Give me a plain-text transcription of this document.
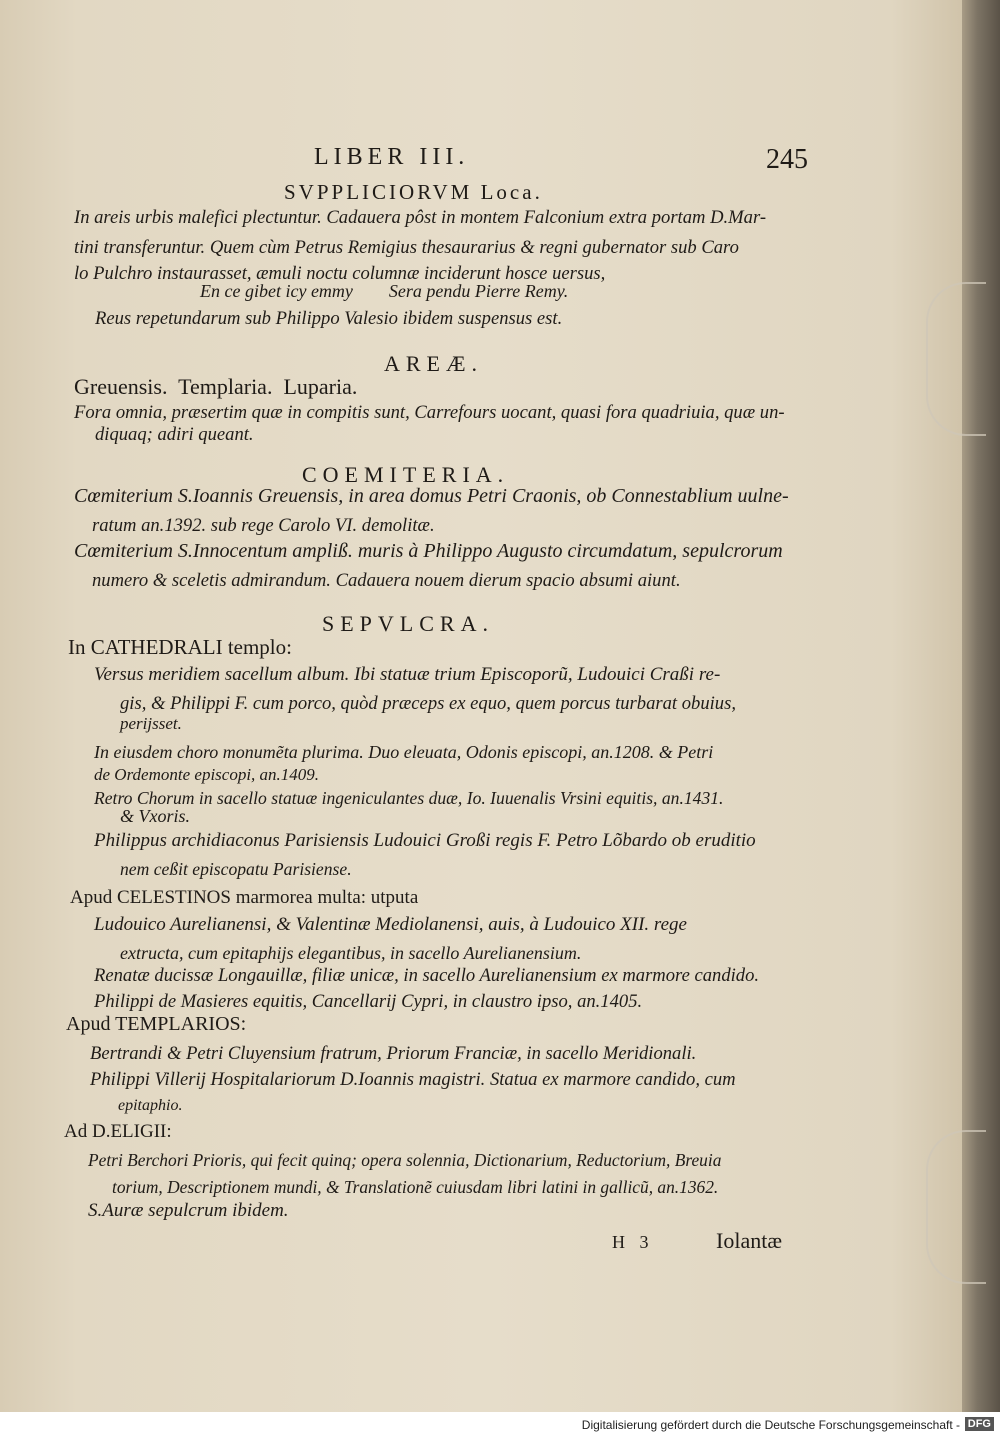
LIBER III.	245
SVPPLICIORVM Loca.
In areis urbis malefici plectuntur. Cadauera pôst in montem Falconium extra portam D.Mar-
tini transferuntur. Quem cùm Petrus Remigius thesaurarius & regni gubernator sub Caro
lo Pulchro instaurasset, æmuli noctu columnæ inciderunt hosce uersus,
En ce gibet icy emmy        Sera pendu Pierre Remy.
Reus repetundarum sub Philippo Valesio ibidem suspensus est.
AREÆ.
Greuensis.  Templaria.  Luparia.
Fora omnia, præsertim quæ in compitis sunt, Carrefours uocant, quasi fora quadriuia, quæ un-
diquaq; adiri queant.
COEMITERIA.
Cœmiterium S.Ioannis Greuensis, in area domus Petri Craonis, ob Connestablium uulne-
ratum an.1392. sub rege Carolo VI. demolitæ.
Cœmiterium S.Innocentum ampliß. muris à Philippo Augusto circumdatum, sepulcrorum
numero & sceletis admirandum. Cadauera nouem dierum spacio absumi aiunt.
SEPVLCRA.
In CATHEDRALI templo:
Versus meridiem sacellum album. Ibi statuæ trium Episcoporũ, Ludouici Craßi re-
gis, & Philippi F. cum porco, quòd præceps ex equo, quem porcus turbarat obuius,
perijsset.
In eiusdem choro monumẽta plurima. Duo eleuata, Odonis episcopi, an.1208. & Petri
de Ordemonte episcopi, an.1409.
Retro Chorum in sacello statuæ ingeniculantes duæ, Io. Iuuenalis Vrsini equitis, an.1431.
& Vxoris.
Philippus archidiaconus Parisiensis Ludouici Großi regis F. Petro Lõbardo ob eruditio
nem ceßit episcopatu Parisiense.
Apud CELESTINOS marmorea multa: utputa
Ludouico Aurelianensi, & Valentinæ Mediolanensi, auis, à Ludouico XII. rege
extructa, cum epitaphijs elegantibus, in sacello Aurelianensium.
Renatæ ducissæ Longauillæ, filiæ unicæ, in sacello Aurelianensium ex marmore candido.
Philippi de Masieres equitis, Cancellarij Cypri, in claustro ipso, an.1405.
Apud TEMPLARIOS:
Bertrandi & Petri Cluyensium fratrum, Priorum Franciæ, in sacello Meridionali.
Philippi Villerij Hospitalariorum D.Ioannis magistri. Statua ex marmore candido, cum
epitaphio.
Ad D.ELIGII:
Petri Berchori Prioris, qui fecit quinq; opera solennia, Dictionarium, Reductorium, Breuia
torium, Descriptionem mundi, & Translationẽ cuiusdam libri latini in gallicũ, an.1362.
S.Auræ sepulcrum ibidem.
H 3	Iolantæ
Digitalisierung gefördert durch die Deutsche Forschungsgemeinschaft - DFG
